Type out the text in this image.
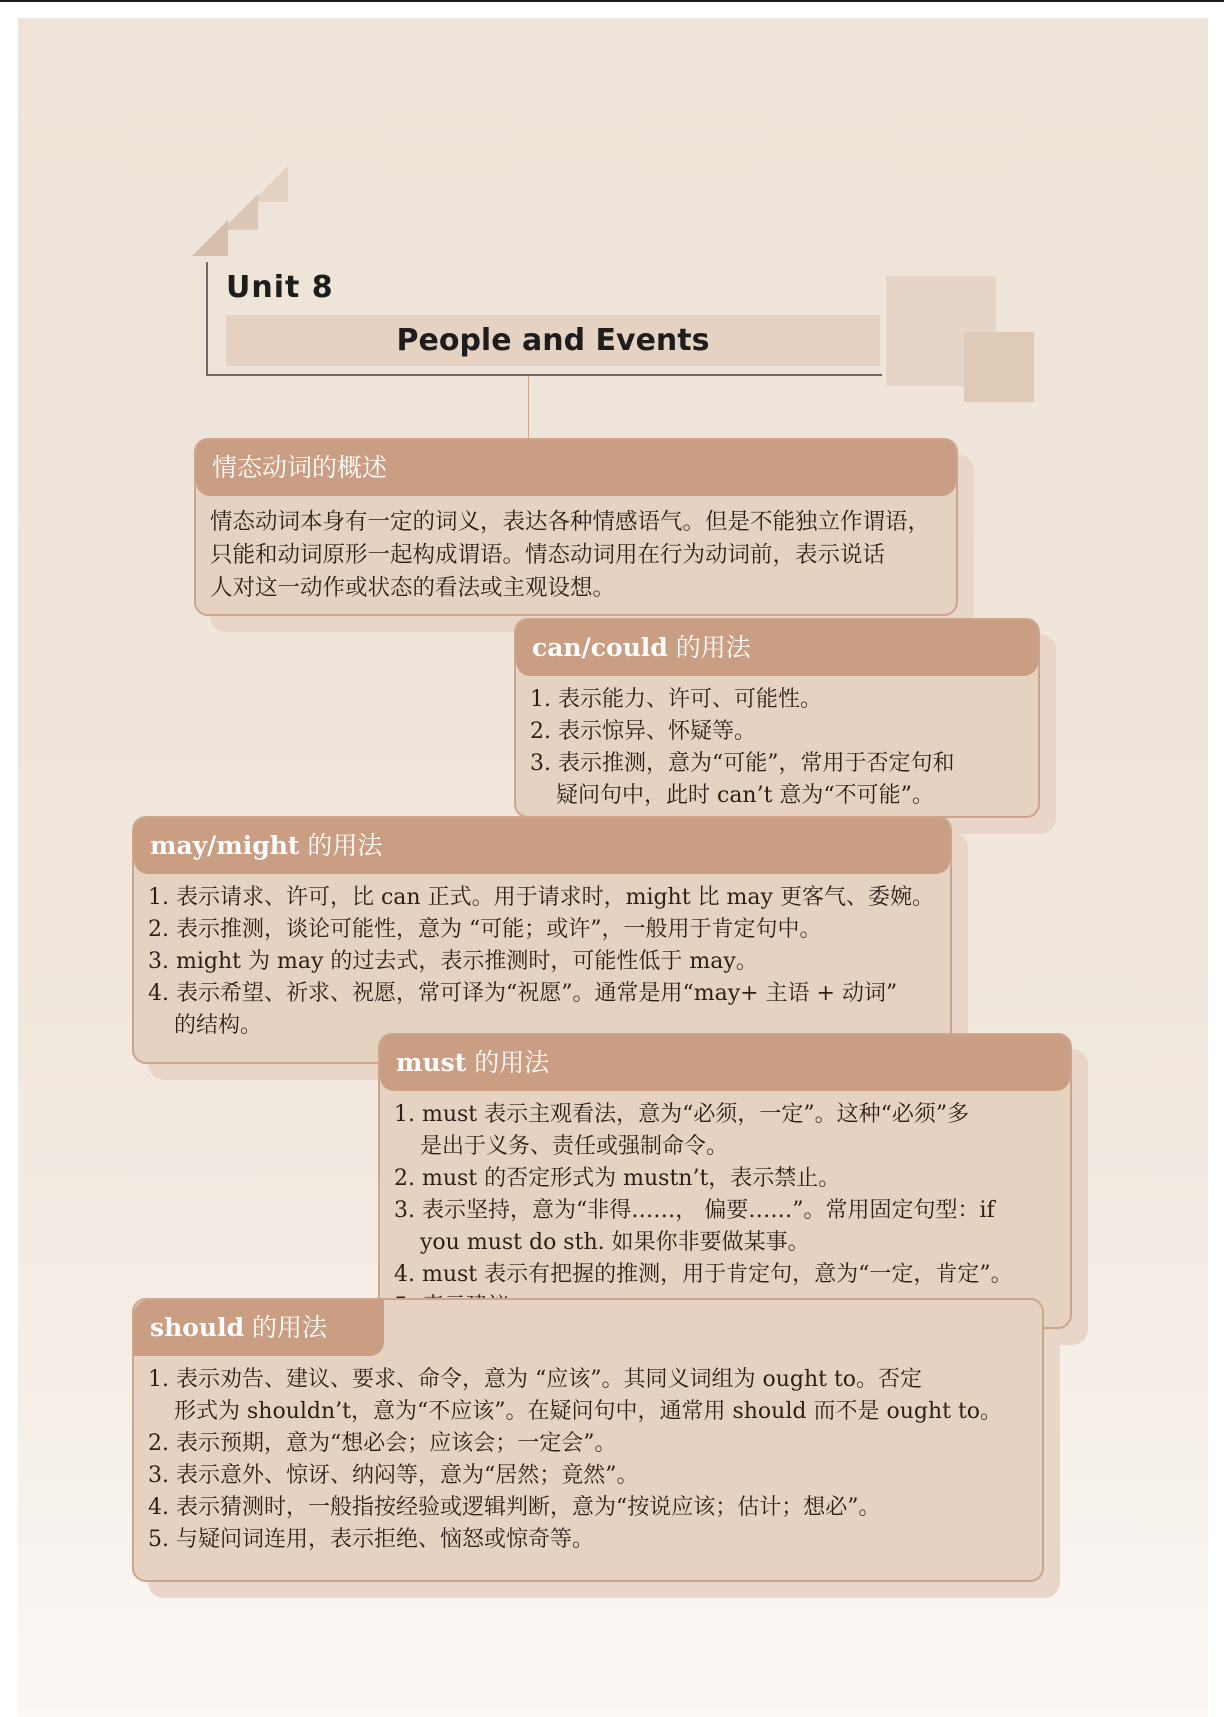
Unit 8
People and Events
情态动词的概述

情态动词本身有一定的词义，表达各种情感语气。但是不能独立作谓语，

只能和动词原形一起构成谓语。情态动词用在行为动词前，表示说话

人对这一动作或状态的看法或主观设想。

can/could 的用法

1. 表示能力、许可、可能性。

2. 表示惊异、怀疑等。

3. 表示推测，意为“可能”，常用于否定句和

疑问句中，此时 can’t 意为“不可能”。

may/might 的用法

1. 表示请求、许可，比 can 正式。用于请求时，might 比 may 更客气、委婉。

2. 表示推测，谈论可能性，意为 “可能；或许”，一般用于肯定句中。

3. might 为 may 的过去式，表示推测时，可能性低于 may。

4. 表示希望、祈求、祝愿，常可译为“祝愿”。通常是用“may+ 主语 + 动词”

的结构。

must 的用法

1. must 表示主观看法，意为“必须，一定”。这种“必须”多

是出于义务、责任或强制命令。

2. must 的否定形式为 mustn’t，表示禁止。

3. 表示坚持，意为“非得……， 偏要……”。常用固定句型：if

you must do sth. 如果你非要做某事。

4. must 表示有把握的推测，用于肯定句，意为“一定，肯定”。

should 的用法

1. 表示劝告、建议、要求、命令，意为 “应该”。其同义词组为 ought to。否定

形式为 shouldn’t，意为“不应该”。在疑问句中，通常用 should 而不是 ought to。

2. 表示预期，意为“想必会；应该会；一定会”。

3. 表示意外、惊讶、纳闷等，意为“居然；竟然”。

4. 表示猜测时，一般指按经验或逻辑判断，意为“按说应该；估计；想必”。

5. 与疑问词连用，表示拒绝、恼怒或惊奇等。
